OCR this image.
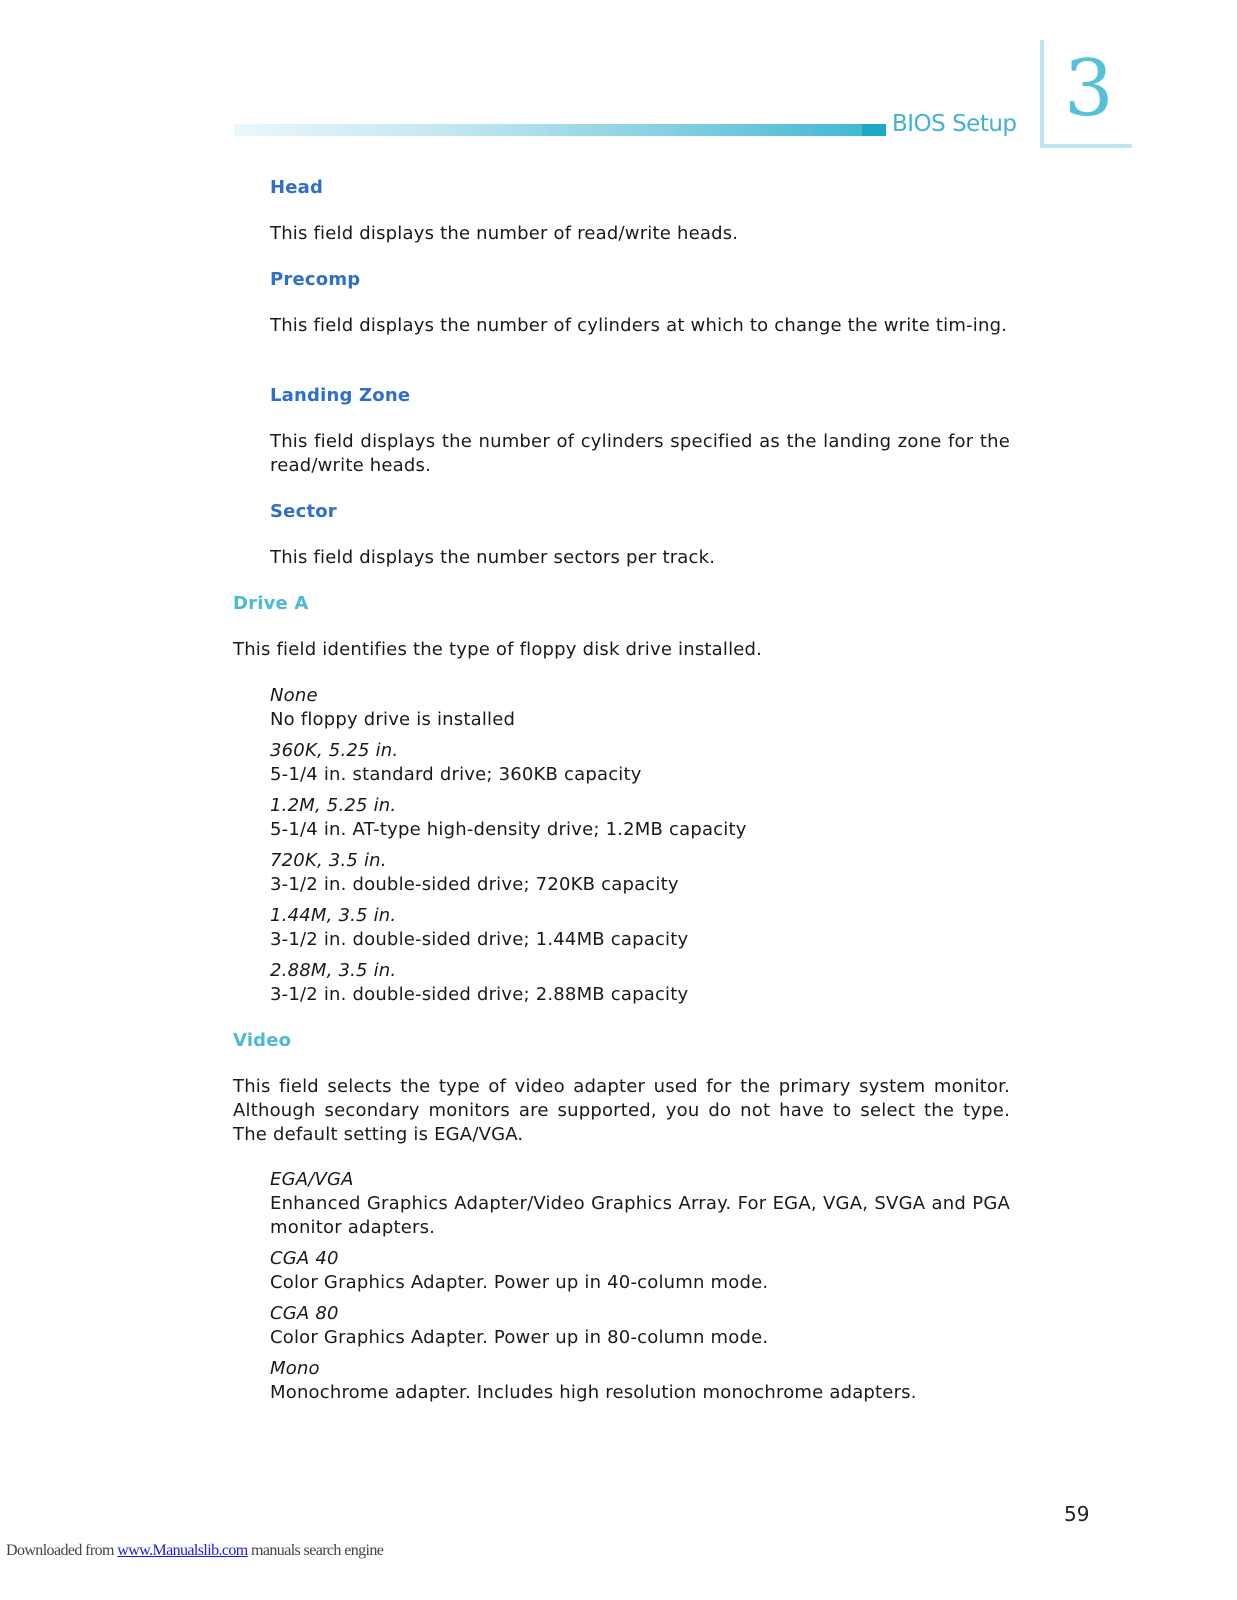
BIOS Setup 3
Head
This field displays the number of read/write heads.
Precomp
This field displays the number of cylinders at which to change the write tim-ing.
Landing Zone
This field displays the number of cylinders specified as the landing zone for the read/write heads.
Sector
This field displays the number sectors per track.
Drive A
This field identifies the type of floppy disk drive installed.
None
No floppy drive is installed
360K, 5.25 in.
5-1/4 in. standard drive; 360KB capacity
1.2M, 5.25 in.
5-1/4 in. AT-type high-density drive; 1.2MB capacity
720K, 3.5 in.
3-1/2 in. double-sided drive; 720KB capacity
1.44M, 3.5 in.
3-1/2 in. double-sided drive; 1.44MB capacity
2.88M, 3.5 in.
3-1/2 in. double-sided drive; 2.88MB capacity
Video
This field selects the type of video adapter used for the primary system monitor. Although secondary monitors are supported, you do not have to select the type. The default setting is EGA/VGA.
EGA/VGA
Enhanced Graphics Adapter/Video Graphics Array. For EGA, VGA, SVGA and PGA monitor adapters.
CGA 40
Color Graphics Adapter. Power up in 40-column mode.
CGA 80
Color Graphics Adapter. Power up in 80-column mode.
Mono
Monochrome adapter. Includes high resolution monochrome adapters.
59
Downloaded from www.Manualslib.com manuals search engine
